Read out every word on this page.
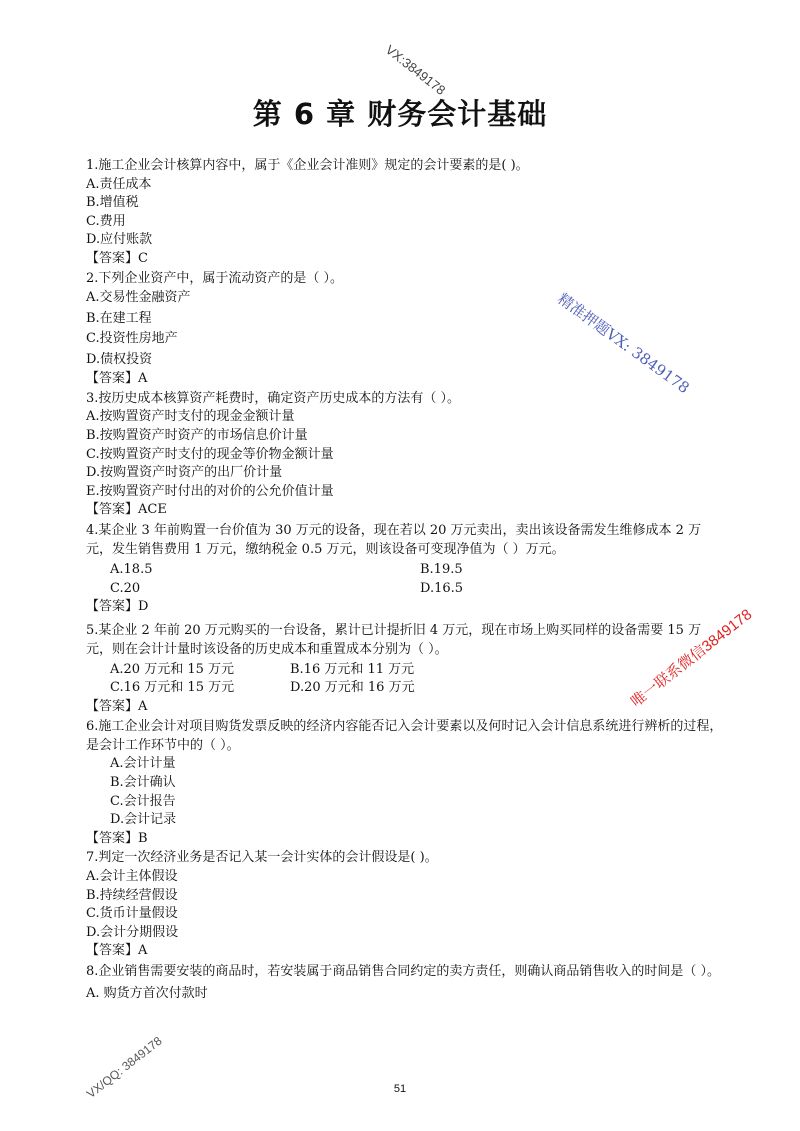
VX:3849178
精准押题VX: 3849178
唯一联系微信3849178
VX/QQ: 3849178
第 6 章 财务会计基础
1.施工企业会计核算内容中，属于《企业会计准则》规定的会计要素的是( )。
A.责任成本
B.增值税
C.费用
D.应付账款
【答案】C
2.下列企业资产中，属于流动资产的是（ ）。
A.交易性金融资产
B.在建工程
C.投资性房地产
D.债权投资
【答案】A
3.按历史成本核算资产耗费时，确定资产历史成本的方法有（ ）。
A.按购置资产时支付的现金金额计量
B.按购置资产时资产的市场信息价计量
C.按购置资产时支付的现金等价物金额计量
D.按购置资产时资产的出厂价计量
E.按购置资产时付出的对价的公允价值计量
【答案】ACE
4.某企业 3 年前购置一台价值为 30 万元的设备，现在若以 20 万元卖出，卖出该设备需发生维修成本 2 万元，发生销售费用 1 万元，缴纳税金 0.5 万元，则该设备可变现净值为（ ）万元。
A.18.5	B.19.5
C.20	D.16.5
【答案】D
5.某企业 2 年前 20 万元购买的一台设备，累计已计提折旧 4 万元，现在市场上购买同样的设备需要 15 万元，则在会计计量时该设备的历史成本和重置成本分别为（ ）。
A.20 万元和 15 万元	B.16 万元和 11 万元
C.16 万元和 15 万元	D.20 万元和 16 万元
【答案】A
6.施工企业会计对项目购货发票反映的经济内容能否记入会计要素以及何时记入会计信息系统进行辨析的过程，是会计工作环节中的（ ）。
A.会计计量
B.会计确认
C.会计报告
D.会计记录
【答案】B
7.判定一次经济业务是否记入某一会计实体的会计假设是( )。
A.会计主体假设
B.持续经营假设
C.货币计量假设
D.会计分期假设
【答案】A
8.企业销售需要安装的商品时，若安装属于商品销售合同约定的卖方责任，则确认商品销售收入的时间是（ ）。
A. 购货方首次付款时
51
